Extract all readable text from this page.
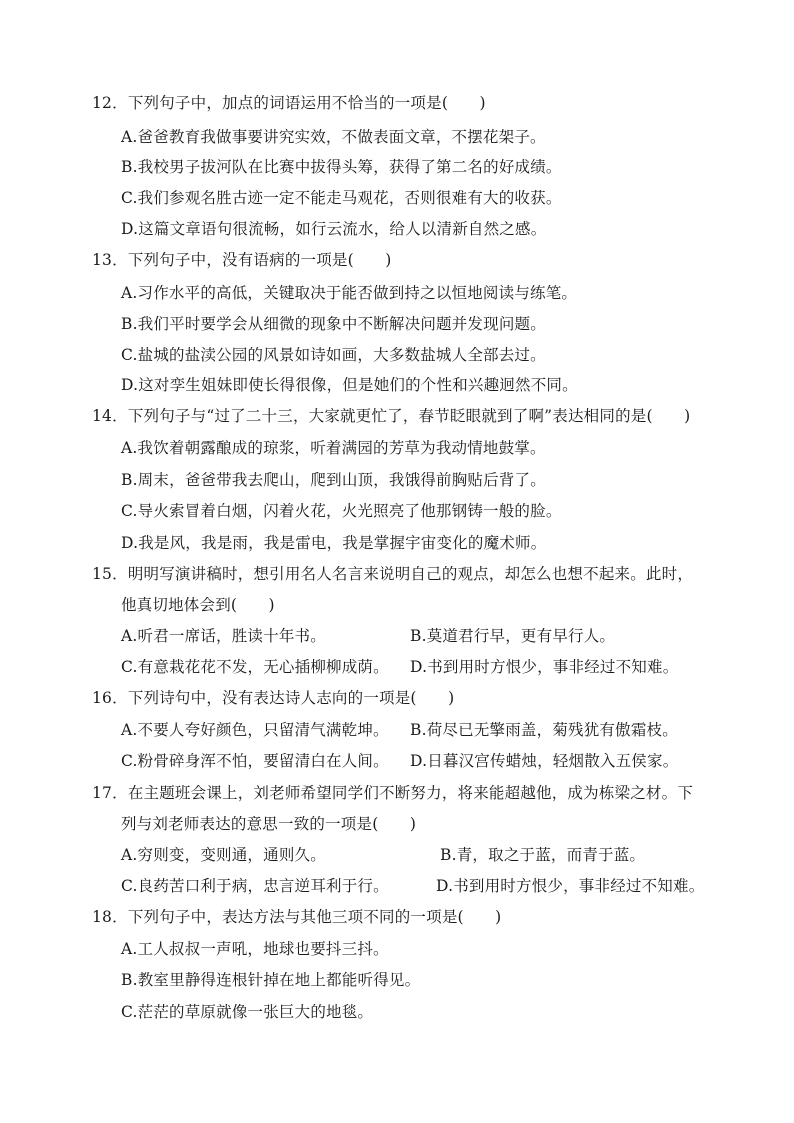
12．下列句子中，加点的词语运用不恰当的一项是(　　)
A.爸爸教育我做事要讲究实效，不做表面文章，不摆花架子。
B.我校男子拔河队在比赛中拔得头筹，获得了第二名的好成绩。
C.我们参观名胜古迹一定不能走马观花，否则很难有大的收获。
D.这篇文章语句很流畅，如行云流水，给人以清新自然之感。
13．下列句子中，没有语病的一项是(　　)
A.习作水平的高低，关键取决于能否做到持之以恒地阅读与练笔。
B.我们平时要学会从细微的现象中不断解决问题并发现问题。
C.盐城的盐渎公园的风景如诗如画，大多数盐城人全部去过。
D.这对孪生姐妹即使长得很像，但是她们的个性和兴趣迥然不同。
14．下列句子与“过了二十三，大家就更忙了，春节眨眼就到了啊”表达相同的是(　　)
A.我饮着朝露酿成的琼浆，听着满园的芳草为我动情地鼓掌。
B.周末，爸爸带我去爬山，爬到山顶，我饿得前胸贴后背了。
C.导火索冒着白烟，闪着火花，火光照亮了他那钢铸一般的脸。
D.我是风，我是雨，我是雷电，我是掌握宇宙变化的魔术师。
15．明明写演讲稿时，想引用名人名言来说明自己的观点，却怎么也想不起来。此时，
他真切地体会到(　　)
A.听君一席话，胜读十年书。	B.莫道君行早，更有早行人。
C.有意栽花花不发，无心插柳柳成荫。 D.书到用时方恨少，事非经过不知难。
16．下列诗句中，没有表达诗人志向的一项是(　　)
A.不要人夸好颜色，只留清气满乾坤。 B.荷尽已无擎雨盖，菊残犹有傲霜枝。
C.粉骨碎身浑不怕，要留清白在人间。 D.日暮汉宫传蜡烛，轻烟散入五侯家。
17．在主题班会课上，刘老师希望同学们不断努力，将来能超越他，成为栋梁之材。下
列与刘老师表达的意思一致的一项是(　　)
A.穷则变，变则通，通则久。	B.青，取之于蓝，而青于蓝。
C.良药苦口利于病，忠言逆耳利于行。	D.书到用时方恨少，事非经过不知难。
18．下列句子中，表达方法与其他三项不同的一项是(　　)
A.工人叔叔一声吼，地球也要抖三抖。
B.教室里静得连根针掉在地上都能听得见。
C.茫茫的草原就像一张巨大的地毯。
